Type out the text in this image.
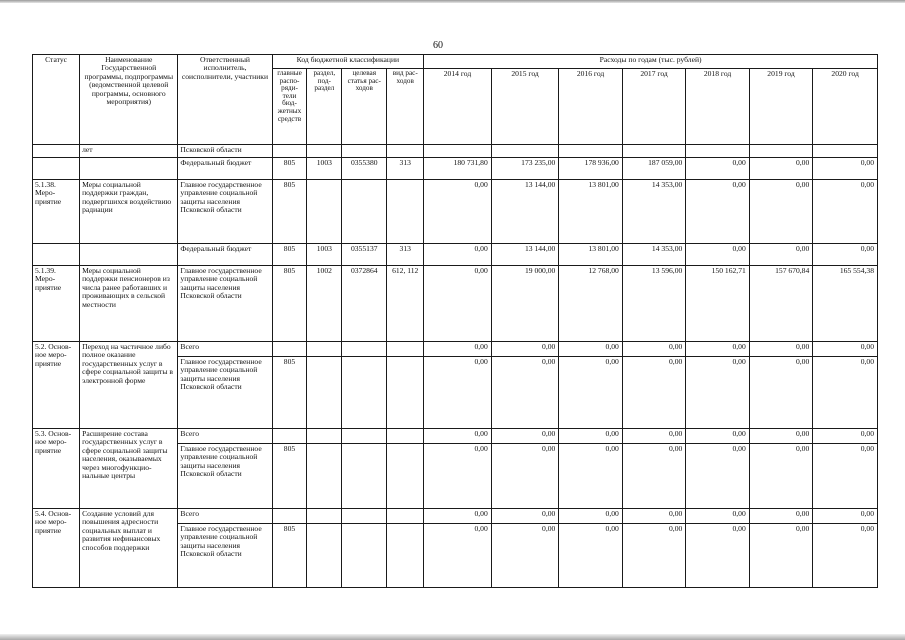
60
Статус	Наименование Государственной программы, подпрограммы (ведомственной целевой программы, основного мероприятия)	Ответственный исполнитель, соисполнители, участники	Код бюджетной классификации				Расходы по годам (тыс. рублей)						
			главные распо-ряди-тели бюд-жетных средств	раздел, под-раздел	целевая статья рас-ходов	вид рас-ходов	2014 год	2015 год	2016 год	2017 год	2018 год	2019 год	2020 год
	лет	Псковской области											
		Федеральный бюджет	805	1003	0355380	313	180 731,80	173 235,00	178 936,00	187 059,00	0,00	0,00	0,00
5.1.38. Меро-приятие	Меры социальной поддержки граждан, подвергшихся воздействию радиации	Главное государственное управление социальной защиты населения Псковской области	805				0,00	13 144,00	13 801,00	14 353,00	0,00	0,00	0,00
		Федеральный бюджет	805	1003	0355137	313	0,00	13 144,00	13 801,00	14 353,00	0,00	0,00	0,00
5.1.39. Меро-приятие	Меры социальной поддержки пенсионеров из числа ранее работавших и проживающих в сельской местности	Главное государственное управление социальной защиты населения Псковской области	805	1002	0372864	612, 112	0,00	19 000,00	12 768,00	13 596,00	150 162,71	157 670,84	165 554,38
5.2. Основ-ное меро-приятие	Переход на частичное либо полное оказание государственных услуг в сфере социальной защиты в электронной форме	Всего					0,00	0,00	0,00	0,00	0,00	0,00	0,00
		Главное государственное управление социальной защиты населения Псковской области	805				0,00	0,00	0,00	0,00	0,00	0,00	0,00
5.3. Основ-ное меро-приятие	Расширение состава государственных услуг в сфере социальной защиты населения, оказываемых через многофункцио-нальные центры	Всего					0,00	0,00	0,00	0,00	0,00	0,00	0,00
		Главное государственное управление социальной защиты населения Псковской области	805				0,00	0,00	0,00	0,00	0,00	0,00	0,00
5.4. Основ-ное меро-приятие	Создание условий для повышения адресности социальных выплат и развития нефинансовых способов поддержки	Всего					0,00	0,00	0,00	0,00	0,00	0,00	0,00
		Главное государственное управление социальной защиты населения Псковской области	805				0,00	0,00	0,00	0,00	0,00	0,00	0,00
